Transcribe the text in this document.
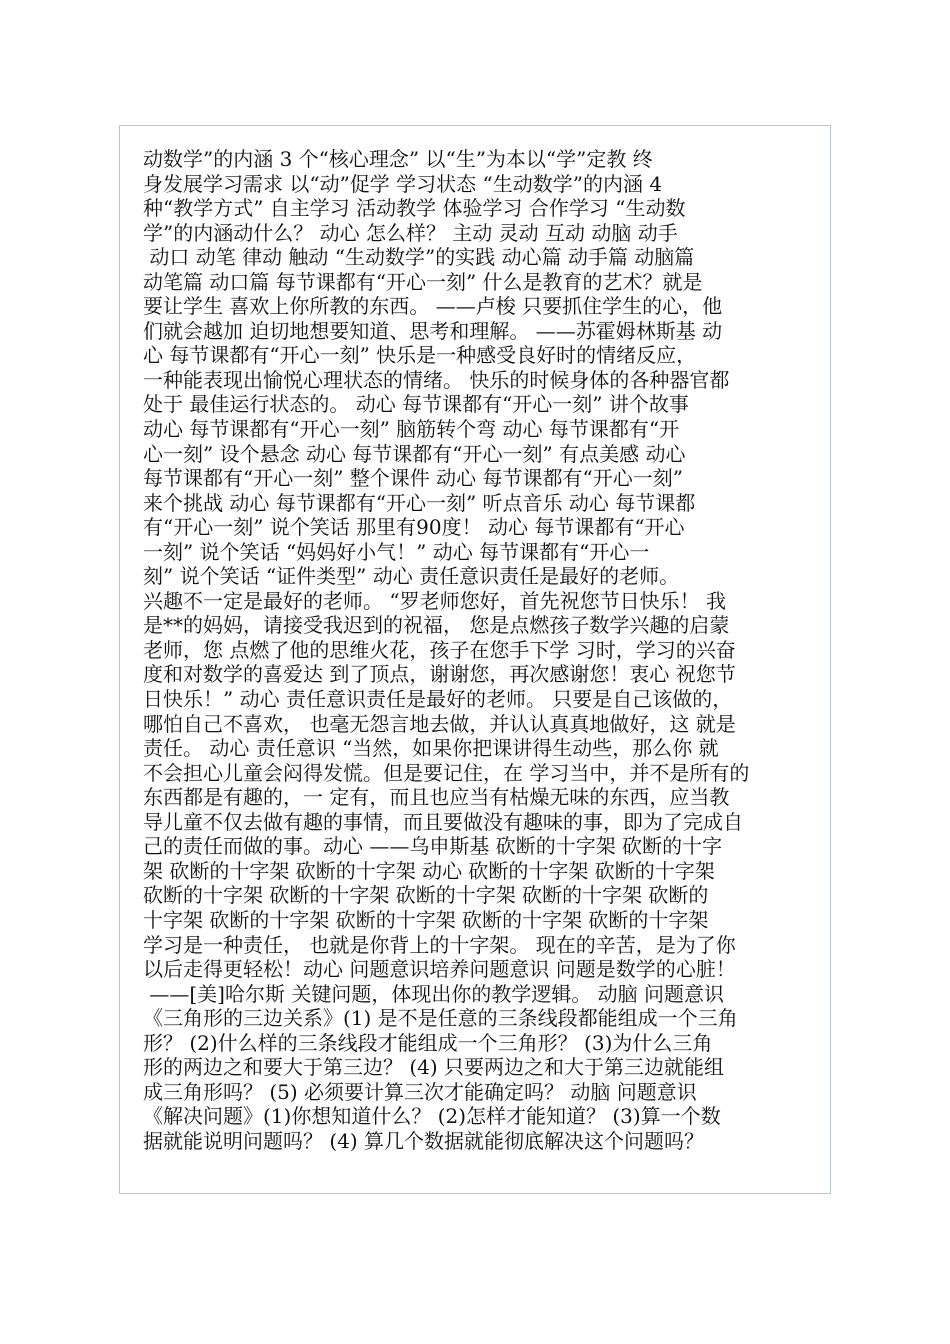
动数学”的内涵 3 个“核心理念” 以“生”为本以“学”定教 终
身发展学习需求 以“动”促学 学习状态 “生动数学”的内涵 4
种“教学方式” 自主学习 活动教学 体验学习 合作学习 “生动数
学”的内涵动什么？ 动心 怎么样？ 主动 灵动 互动 动脑 动手
动口 动笔 律动 触动 “生动数学”的实践 动心篇 动手篇 动脑篇
动笔篇 动口篇 每节课都有“开心一刻” 什么是教育的艺术？就是
要让学生 喜欢上你所教的东西。 ——卢梭 只要抓住学生的心，他
们就会越加 迫切地想要知道、思考和理解。 ——苏霍姆林斯基 动
心 每节课都有“开心一刻” 快乐是一种感受良好时的情绪反应，
一种能表现出愉悦心理状态的情绪。 快乐的时候身体的各种器官都
处于 最佳运行状态的。 动心 每节课都有“开心一刻” 讲个故事
动心 每节课都有“开心一刻” 脑筋转个弯 动心 每节课都有“开
心一刻” 设个悬念 动心 每节课都有“开心一刻” 有点美感 动心
每节课都有“开心一刻” 整个课件 动心 每节课都有“开心一刻”
来个挑战 动心 每节课都有“开心一刻” 听点音乐 动心 每节课都
有“开心一刻” 说个笑话 那里有90度！ 动心 每节课都有“开心
一刻” 说个笑话 “妈妈好小气！” 动心 每节课都有“开心一
刻” 说个笑话 “证件类型” 动心 责任意识责任是最好的老师。
兴趣不一定是最好的老师。 “罗老师您好，首先祝您节日快乐！ 我
是**的妈妈，请接受我迟到的祝福， 您是点燃孩子数学兴趣的启蒙
老师，您 点燃了他的思维火花，孩子在您手下学 习时，学习的兴奋
度和对数学的喜爱达 到了顶点，谢谢您，再次感谢您！衷心 祝您节
日快乐！” 动心 责任意识责任是最好的老师。 只要是自己该做的，
哪怕自己不喜欢， 也毫无怨言地去做，并认认真真地做好，这 就是
责任。 动心 责任意识 “当然，如果你把课讲得生动些，那么你 就
不会担心儿童会闷得发慌。但是要记住，在 学习当中，并不是所有的
东西都是有趣的，一 定有，而且也应当有枯燥无味的东西，应当教
导儿童不仅去做有趣的事情，而且要做没有趣味的事，即为了完成自
己的责任而做的事。动心 ——乌申斯基 砍断的十字架 砍断的十字
架 砍断的十字架 砍断的十字架 动心 砍断的十字架 砍断的十字架
砍断的十字架 砍断的十字架 砍断的十字架 砍断的十字架 砍断的
十字架 砍断的十字架 砍断的十字架 砍断的十字架 砍断的十字架
学习是一种责任， 也就是你背上的十字架。 现在的辛苦，是为了你
以后走得更轻松！动心 问题意识培养问题意识 问题是数学的心脏！
——[美]哈尔斯 关键问题，体现出你的教学逻辑。 动脑 问题意识
《三角形的三边关系》(1) 是不是任意的三条线段都能组成一个三角
形？ (2)什么样的三条线段才能组成一个三角形？ (3)为什么三角
形的两边之和要大于第三边？ (4) 只要两边之和大于第三边就能组
成三角形吗？ (5) 必须要计算三次才能确定吗？ 动脑 问题意识
《解决问题》(1)你想知道什么？ (2)怎样才能知道？ (3)算一个数
据就能说明问题吗？ (4) 算几个数据就能彻底解决这个问题吗？
